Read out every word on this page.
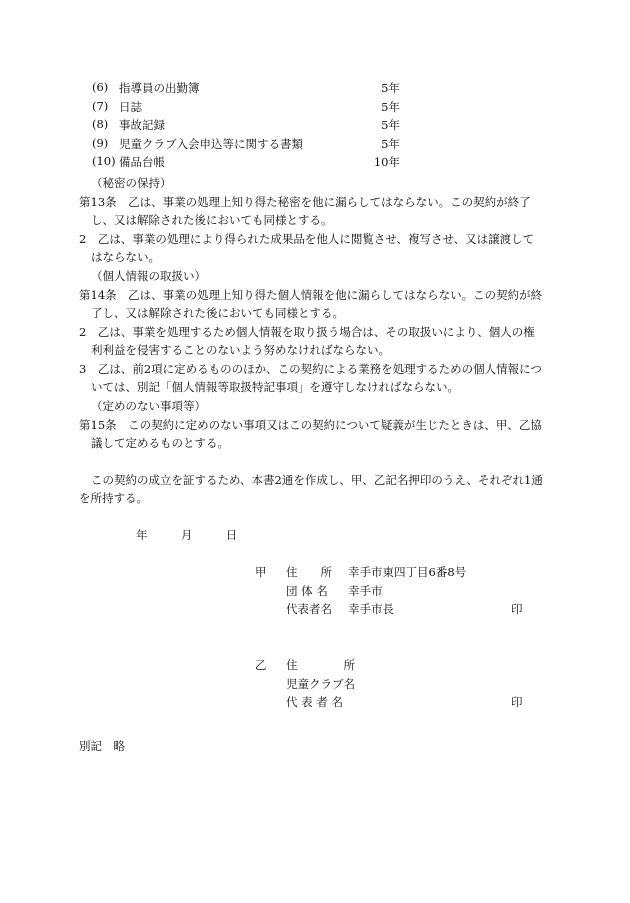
(6) 指導員の出勤簿	5年
(7) 日誌	5年
(8) 事故記録	5年
(9) 児童クラブ入会申込等に関する書類	5年
(10) 備品台帳	10年
（秘密の保持）
第13条　乙は、事業の処理上知り得た秘密を他に漏らしてはならない。この契約が終了
し、又は解除された後においても同様とする。
2　乙は、事業の処理により得られた成果品を他人に閲覧させ、複写させ、又は譲渡して
はならない。
（個人情報の取扱い）
第14条　乙は、事業の処理上知り得た個人情報を他に漏らしてはならない。この契約が終
了し、又は解除された後においても同様とする。
2　乙は、事業を処理するため個人情報を取り扱う場合は、その取扱いにより、個人の権
利利益を侵害することのないよう努めなければならない。
3　乙は、前2項に定めるもののほか、この契約による業務を処理するための個人情報につ
いては、別記「個人情報等取扱特記事項」を遵守しなければならない。
（定めのない事項等）
第15条　この契約に定めのない事項又はこの契約について疑義が生じたときは、甲、乙協
議して定めるものとする。
この契約の成立を証するため、本書2通を作成し、甲、乙記名押印のうえ、それぞれ1通
を所持する。
年　　月　　日
甲 住　　所 幸手市東四丁目6番8号
団 体 名 幸手市
代表者名 幸手市長	印
乙 住　　　　所
児童クラブ名
代 表 者 名	印
別記　略
